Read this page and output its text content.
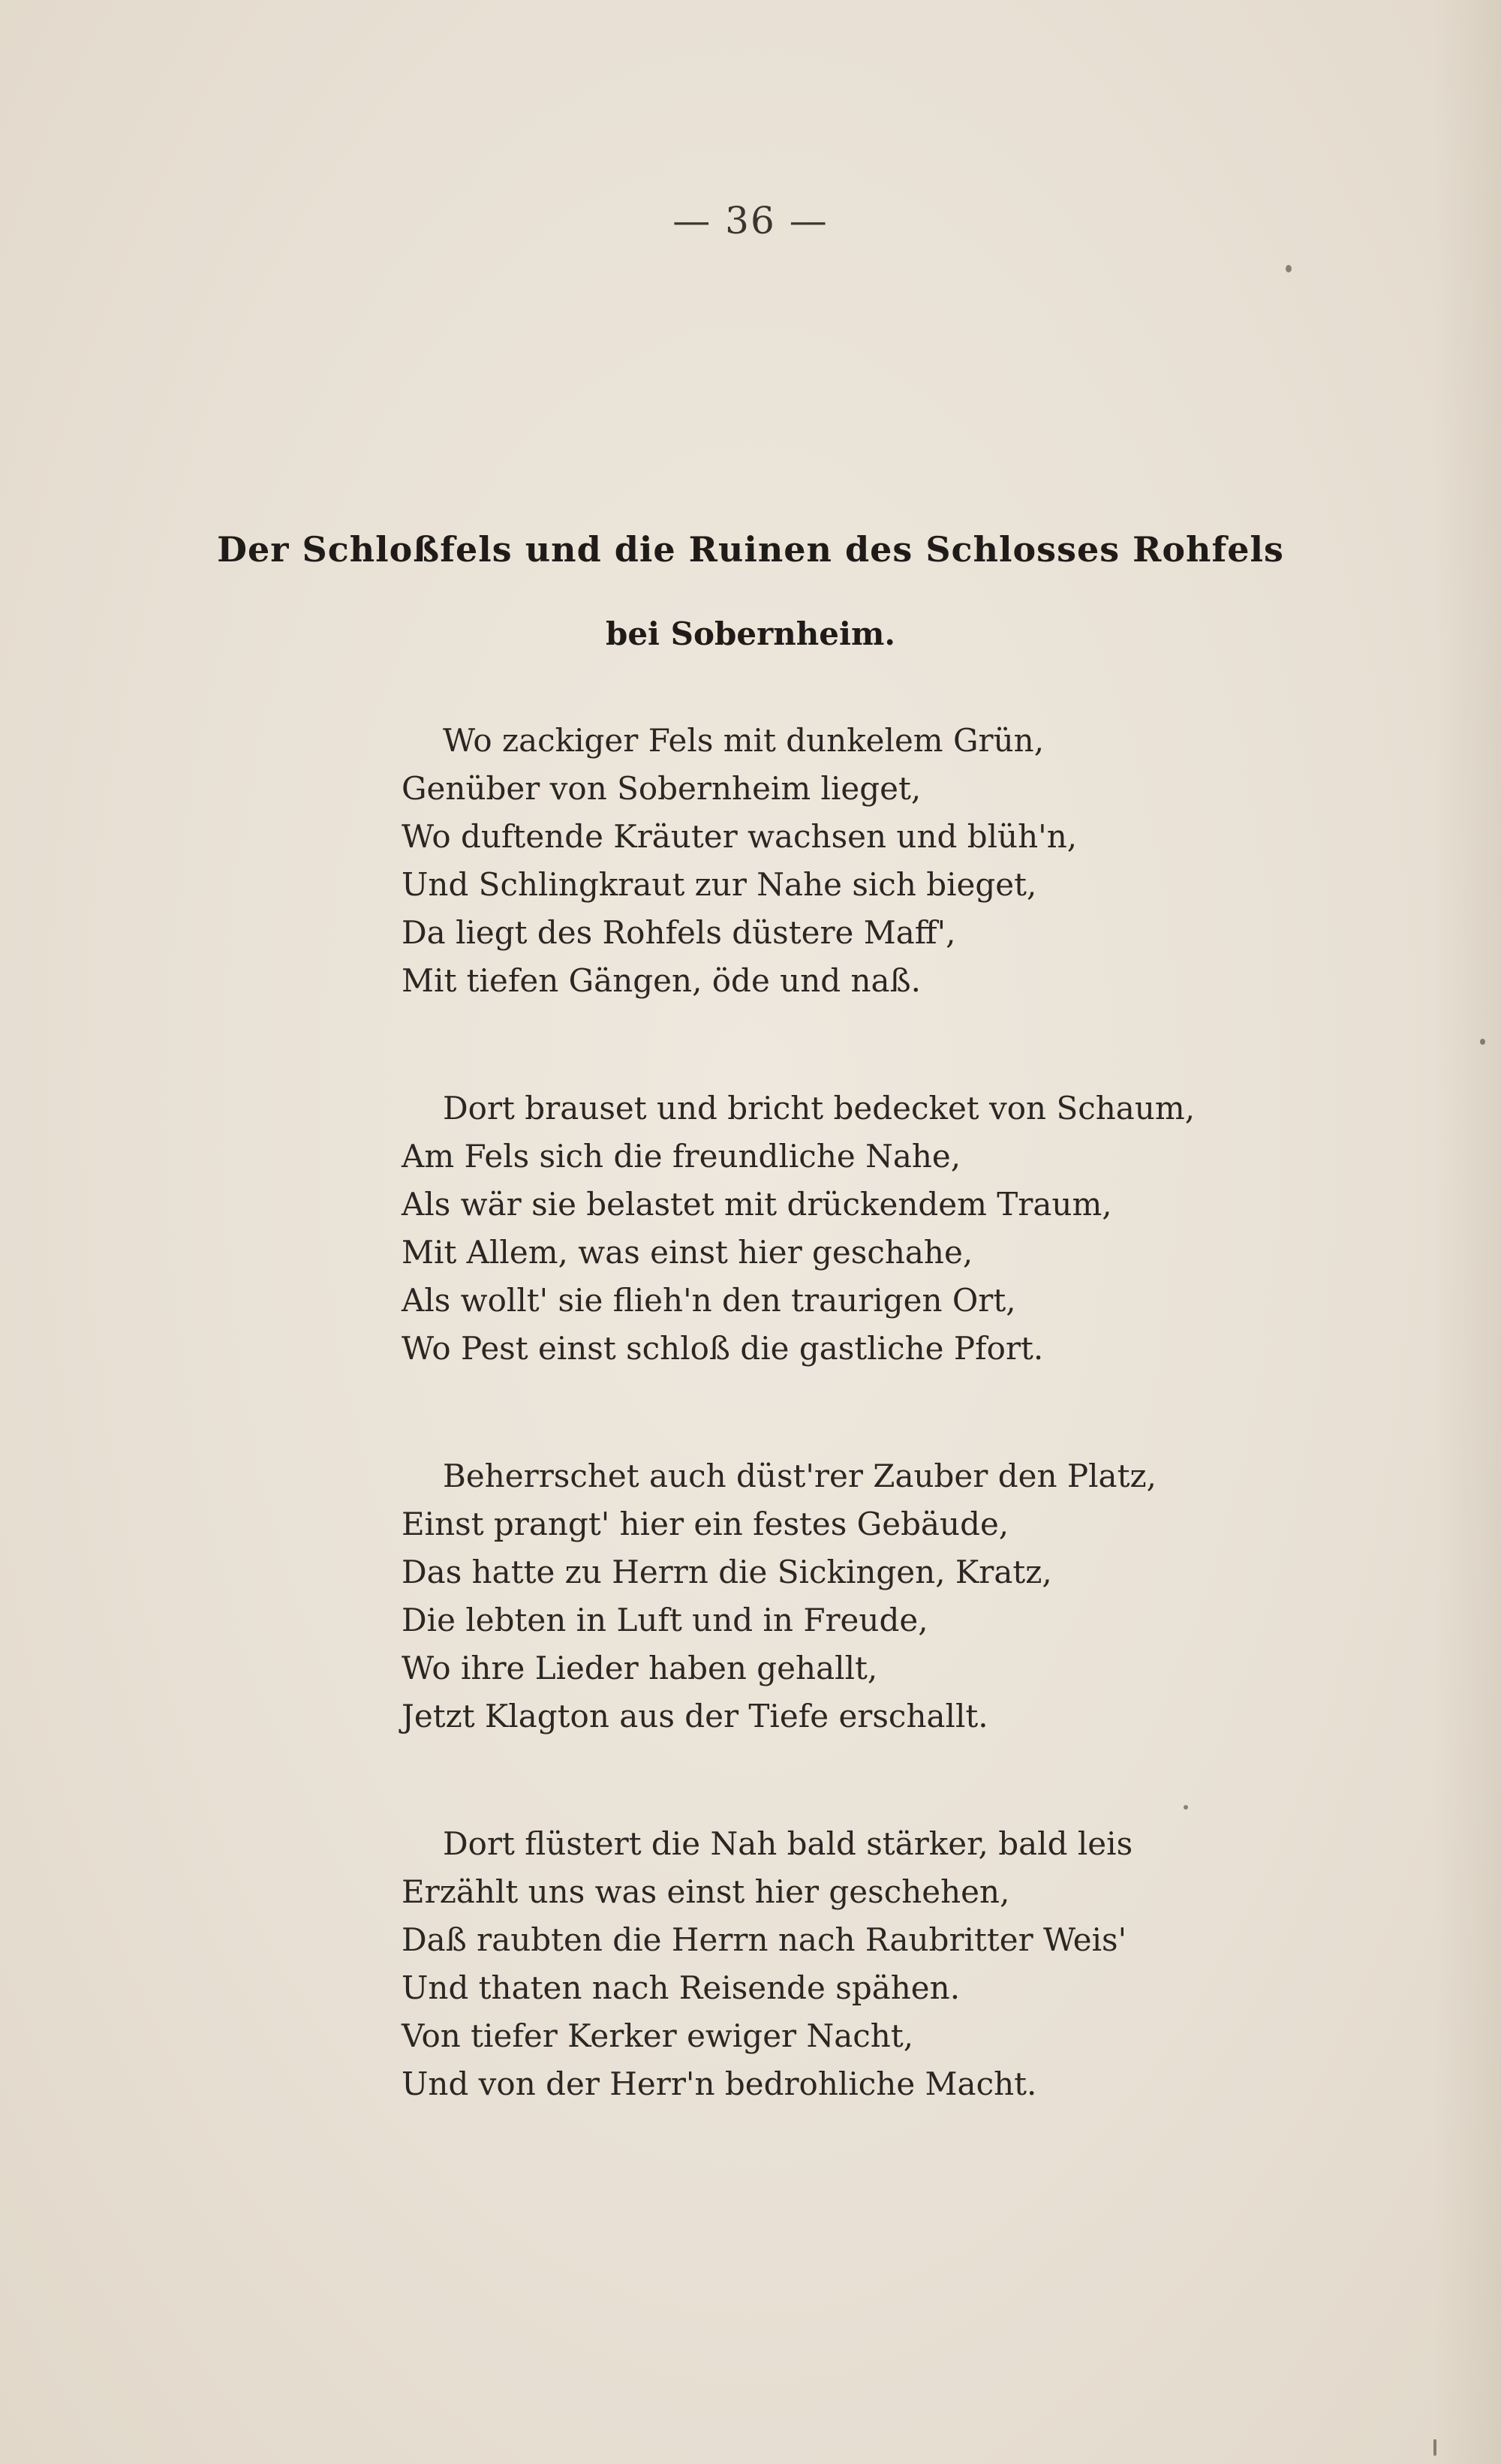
— 36 —
Der Schloßfels und die Ruinen des Schlosses Rohfels
bei Sobernheim.
Wo zackiger Fels mit dunkelem Grün,
Genüber von Sobernheim lieget,
Wo duftende Kräuter wachsen und blüh'n,
Und Schlingkraut zur Nahe sich bieget,
Da liegt des Rohfels düstere Maff',
Mit tiefen Gängen, öde und naß.
Dort brauset und bricht bedecket von Schaum,
Am Fels sich die freundliche Nahe,
Als wär sie belastet mit drückendem Traum,
Mit Allem, was einst hier geschahe,
Als wollt' sie flieh'n den traurigen Ort,
Wo Pest einst schloß die gastliche Pfort.
Beherrschet auch düst'rer Zauber den Platz,
Einst prangt' hier ein festes Gebäude,
Das hatte zu Herrn die Sickingen, Kratz,
Die lebten in Luft und in Freude,
Wo ihre Lieder haben gehallt,
Jetzt Klagton aus der Tiefe erschallt.
Dort flüstert die Nah bald stärker, bald leis
Erzählt uns was einst hier geschehen,
Daß raubten die Herrn nach Raubritter Weis'
Und thaten nach Reisende spähen.
Von tiefer Kerker ewiger Nacht,
Und von der Herr'n bedrohliche Macht.
